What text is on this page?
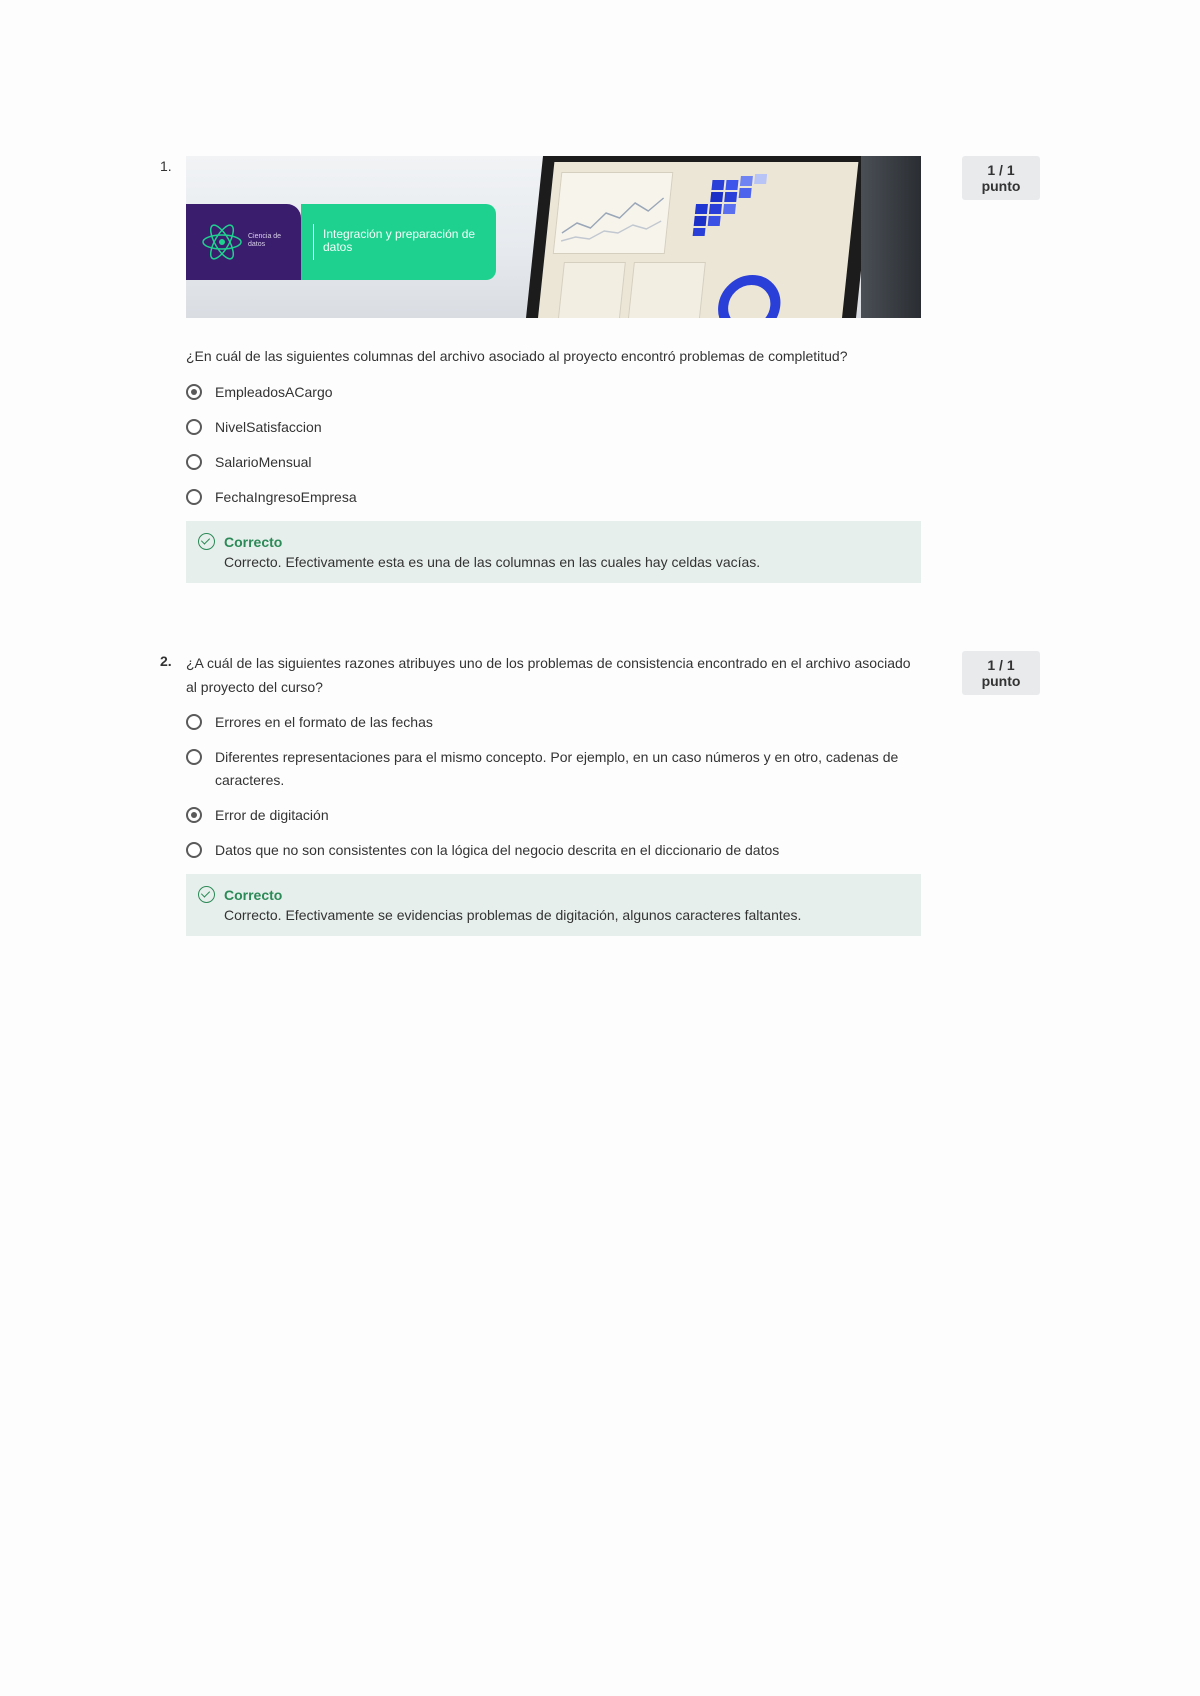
1.	1 / 1 punto
Ciencia de datos
Integración y preparación de datos

¿En cuál de las siguientes columnas del archivo asociado al proyecto encontró problemas de completitud?

EmpleadosACargo
NivelSatisfaccion
SalarioMensual
FechaIngresoEmpresa
Correcto
Correcto. Efectivamente esta es una de las columnas en las cuales hay celdas vacías.
2.	1 / 1 punto

¿A cuál de las siguientes razones atribuyes uno de los problemas de consistencia encontrado en el archivo asociado al proyecto del curso?

Errores en el formato de las fechas
Diferentes representaciones para el mismo concepto. Por ejemplo, en un caso números y en otro, cadenas de caracteres.
Error de digitación
Datos que no son consistentes con la lógica del negocio descrita en el diccionario de datos
Correcto
Correcto. Efectivamente se evidencias problemas de digitación, algunos caracteres faltantes.
